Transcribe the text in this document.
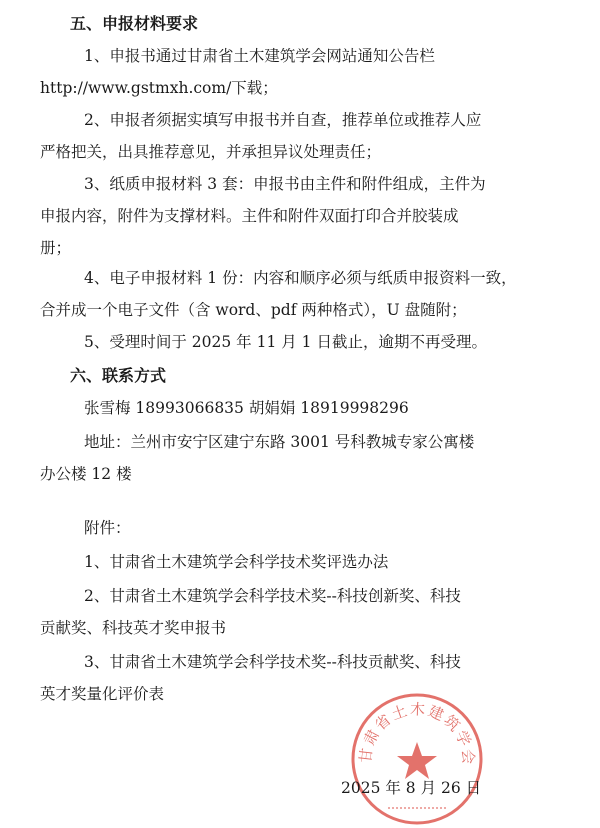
五、申报材料要求
1、申报书通过甘肃省土木建筑学会网站通知公告栏
http://www.gstmxh.com/下载；
2、申报者须据实填写申报书并自查，推荐单位或推荐人应
严格把关，出具推荐意见，并承担异议处理责任；
3、纸质申报材料 3 套：申报书由主件和附件组成，主件为
申报内容，附件为支撑材料。主件和附件双面打印合并胶装成
册；
4、电子申报材料 1 份：内容和顺序必须与纸质申报资料一致，
合并成一个电子文件（含 word、pdf 两种格式），U 盘随附；
5、受理时间于 2025 年 11 月 1 日截止，逾期不再受理。
六、联系方式
张雪梅 18993066835 胡娟娟 18919998296
地址：兰州市安宁区建宁东路 3001 号科教城专家公寓楼
办公楼 12 楼
附件：
1、甘肃省土木建筑学会科学技术奖评选办法
2、甘肃省土木建筑学会科学技术奖--科技创新奖、科技
贡献奖、科技英才奖申报书
3、甘肃省土木建筑学会科学技术奖--科技贡献奖、科技
英才奖量化评价表
甘肃省土木建筑学会
2025 年 8 月 26 日
